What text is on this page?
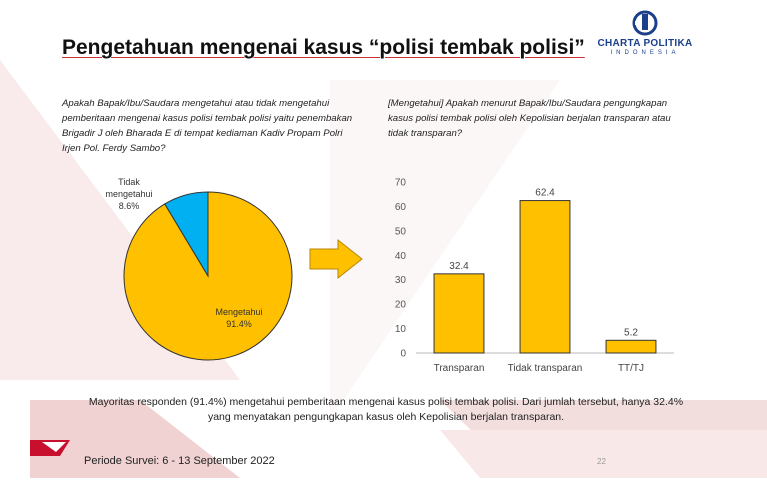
Pengetahuan mengenai kasus “polisi tembak polisi”	CHARTA POLITIKA
INDONESIA
Apakah Bapak/Ibu/Saudara mengetahui atau tidak mengetahui pemberitaan mengenai kasus polisi tembak polisi yaitu penembakan Brigadir J oleh Bharada E di tempat kediaman Kadiv Propam Polri Irjen Pol. Ferdy Sambo?
[Mengetahui] Apakah menurut Bapak/Ibu/Saudara pengungkapan kasus polisi tembak polisi oleh Kepolisian berjalan transparan atau tidak transparan?
Mengetahui
91.4%
Tidak
mengetahui
8.6%
0
10
20
30
40
50
60
70
32.4
Transparan
62.4
Tidak transparan
5.2
TT/TJ
Mayoritas responden (91.4%) mengetahui pemberitaan mengenai kasus polisi tembak polisi. Dari jumlah tersebut, hanya 32.4% yang menyatakan pengungkapan kasus oleh Kepolisian berjalan transparan.
Periode Survei: 6 - 13 September 2022	22
